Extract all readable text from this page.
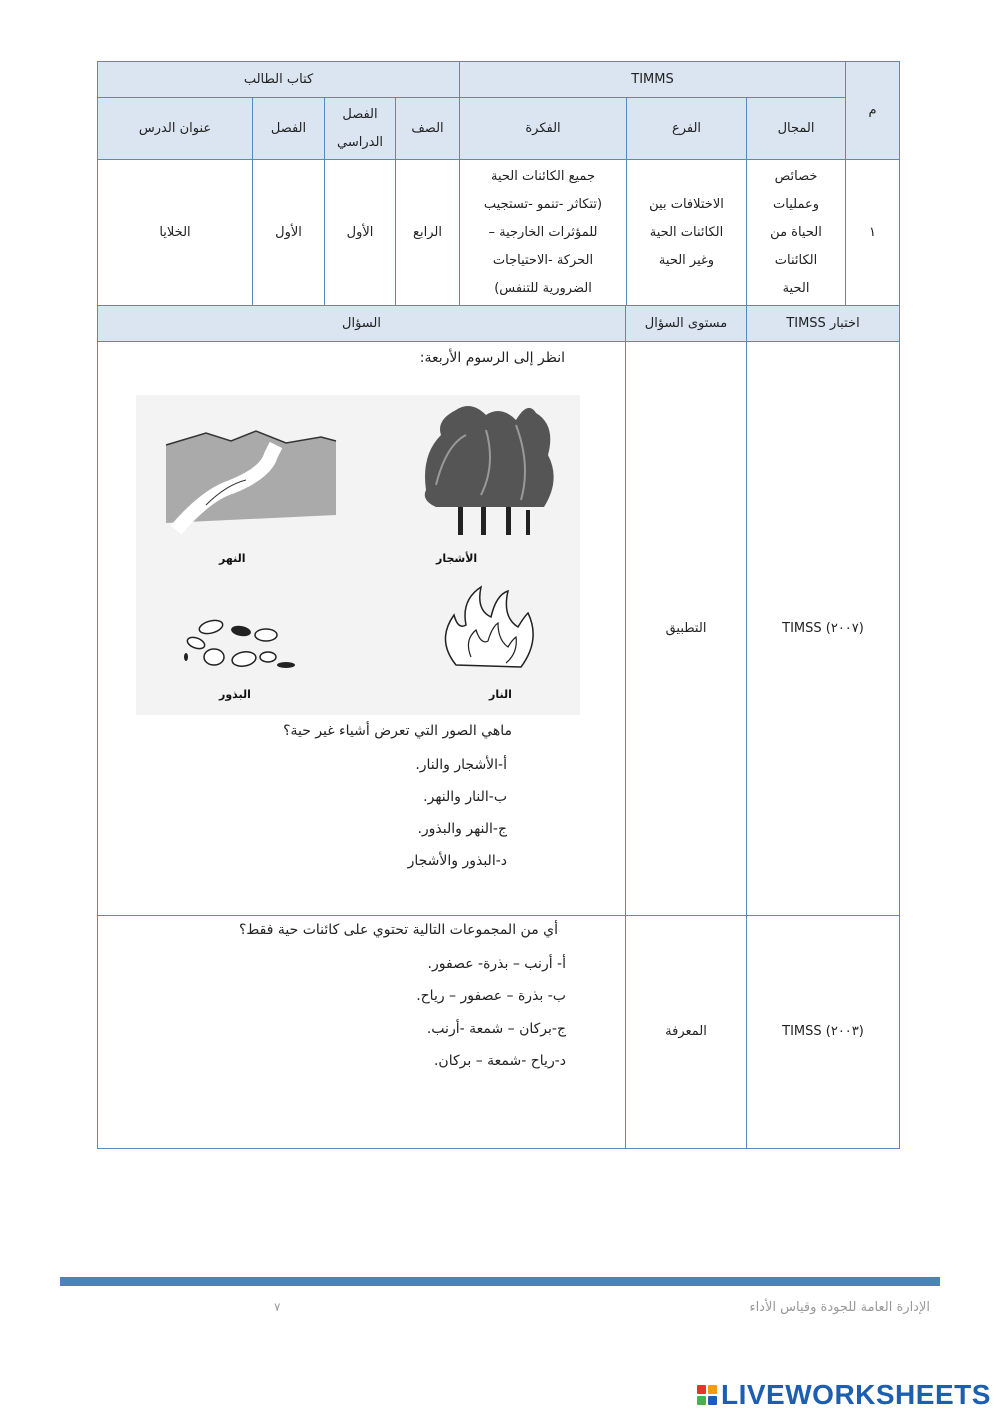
م
TIMMS
كتاب الطالب
المجال
الفرع
الفكرة
الصف
الفصل
الدراسي
الفصل
عنوان الدرس
١
خصائص
وعمليات
الحياة من
الكائنات
الحية
الاختلافات بين
الكائنات الحية
وغير الحية
جميع الكائنات الحية
(تتكاثر -تنمو -تستجيب
للمؤثرات الخارجية –
الحركة -الاحتياجات
الضرورية للتنفس)
الرابع
الأول
الأول
الخلايا
اختبار TIMSS
مستوى السؤال
السؤال
TIMSS (٢٠٠٧)
التطبيق
TIMSS (٢٠٠٣)
المعرفة
انظر إلى الرسوم الأربعة:
الأشجار
النهر
النار
البذور
ماهي الصور التي تعرض أشياء غير حية؟
أ-الأشجار والنار.
ب-النار والنهر.
ج-النهر والبذور.
د-البذور والأشجار
أي من المجموعات التالية تحتوي على كائنات حية فقط؟
أ- أرنب – بذرة- عصفور.
ب- بذرة – عصفور – رياح.
ج-بركان – شمعة -أرنب.
د-رياح -شمعة – بركان.
الإدارة العامة للجودة وقياس الأداء
٧
LIVEWORKSHEETS
